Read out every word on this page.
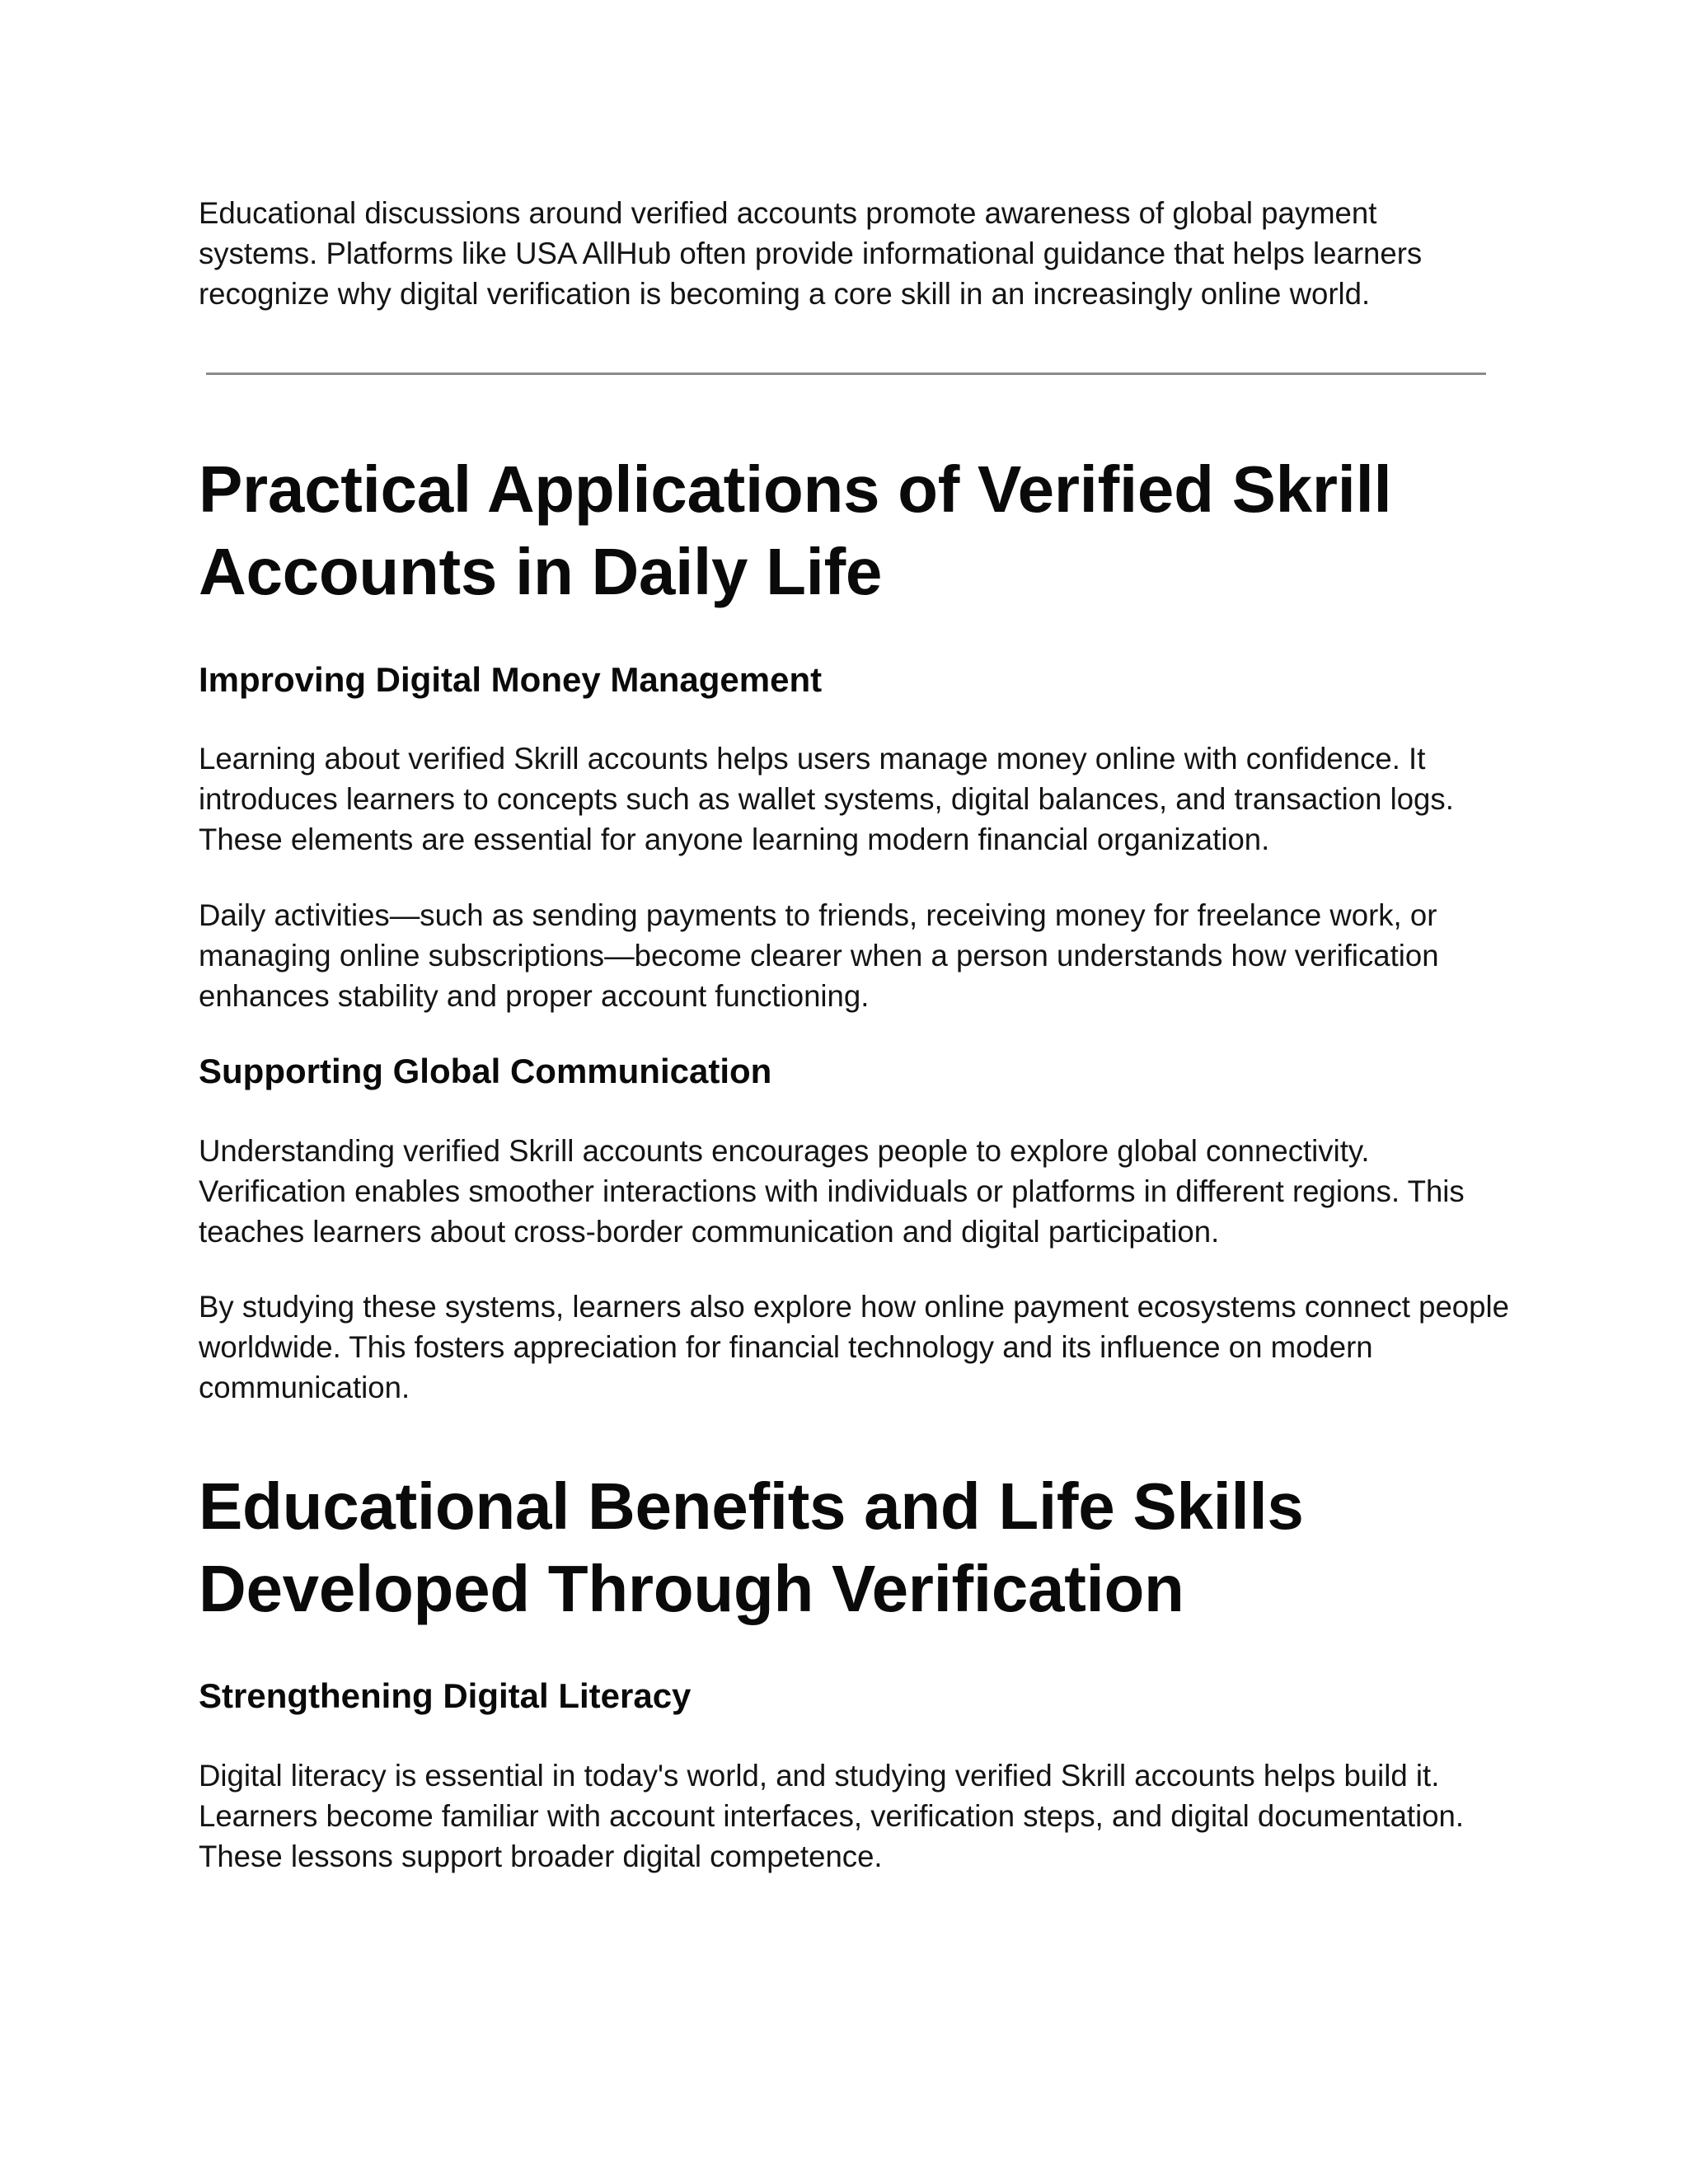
Educational discussions around verified accounts promote awareness of global payment systems. Platforms like USA AllHub often provide informational guidance that helps learners recognize why digital verification is becoming a core skill in an increasingly online world.

Practical Applications of Verified Skrill Accounts in Daily Life
Improving Digital Money Management

Learning about verified Skrill accounts helps users manage money online with confidence. It introduces learners to concepts such as wallet systems, digital balances, and transaction logs. These elements are essential for anyone learning modern financial organization.

Daily activities—such as sending payments to friends, receiving money for freelance work, or managing online subscriptions—become clearer when a person understands how verification enhances stability and proper account functioning.

Supporting Global Communication

Understanding verified Skrill accounts encourages people to explore global connectivity. Verification enables smoother interactions with individuals or platforms in different regions. This teaches learners about cross-border communication and digital participation.

By studying these systems, learners also explore how online payment ecosystems connect people worldwide. This fosters appreciation for financial technology and its influence on modern communication.

Educational Benefits and Life Skills Developed Through Verification
Strengthening Digital Literacy

Digital literacy is essential in today's world, and studying verified Skrill accounts helps build it. Learners become familiar with account interfaces, verification steps, and digital documentation. These lessons support broader digital competence.
